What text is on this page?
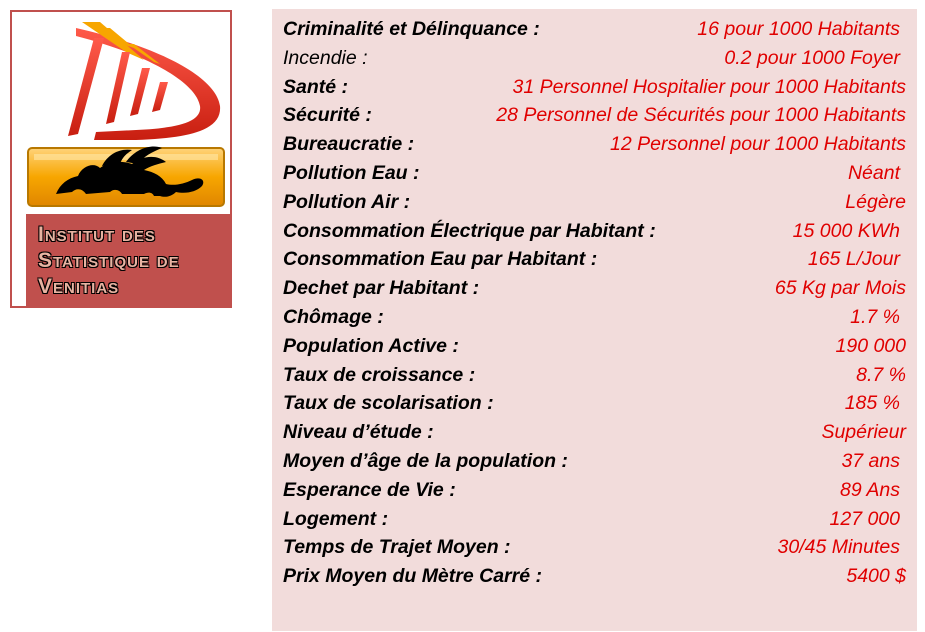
Institut des
Statistique de
Venitias
Criminalité et Délinquance :	16 pour 1000 Habitants
Incendie :	0.2 pour 1000 Foyer
Santé :	31 Personnel Hospitalier pour 1000 Habitants
Sécurité :	28 Personnel de Sécurités pour 1000 Habitants
Bureaucratie :	12 Personnel pour 1000 Habitants
Pollution Eau :	Néant
Pollution Air :	Légère
Consommation Électrique par Habitant :	15 000 KWh
Consommation Eau par Habitant :	165 L/Jour
Dechet par Habitant :	65 Kg par Mois
Chômage :	1.7 %
Population Active :	190 000
Taux de croissance :	8.7 %
Taux de scolarisation :	185 %
Niveau d’étude :	Supérieur
Moyen d’âge de la population :	37 ans
Esperance de Vie :	89 Ans
Logement :	127 000
Temps de Trajet Moyen :	30/45 Minutes
Prix Moyen du Mètre Carré :	5400 $
